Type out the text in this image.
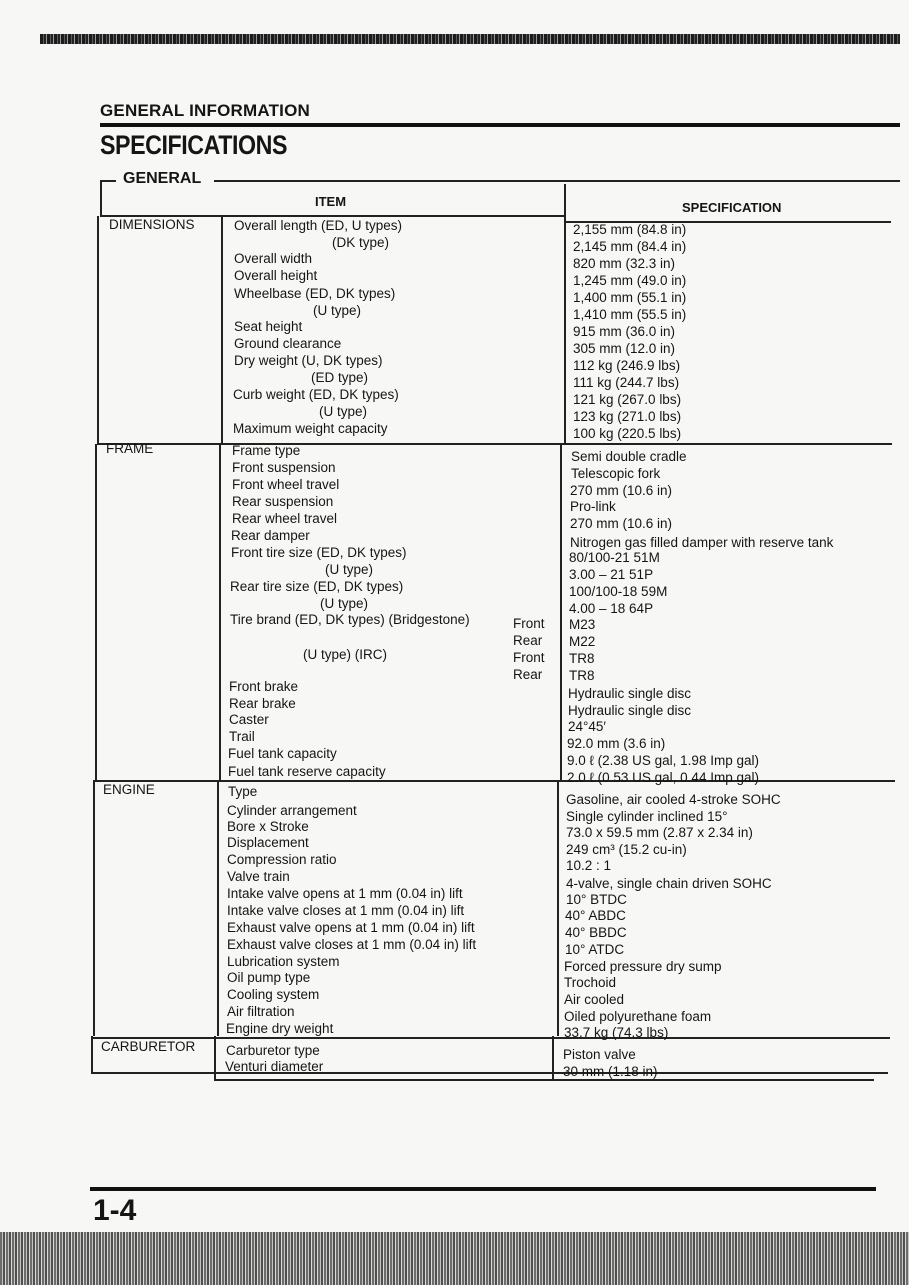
GENERAL INFORMATION
SPECIFICATIONS
GENERAL
ITEM	SPECIFICATION
DIMENSIONS
FRAME
ENGINE
CARBURETOR
Overall length (ED, U types)
(DK type)
Overall width
Overall height
Wheelbase (ED, DK types)
(U type)
Seat height
Ground clearance
Dry weight (U, DK types)
(ED type)
Curb weight (ED, DK types)
(U type)
Maximum weight capacity
2,155 mm (84.8 in)
2,145 mm (84.4 in)
820 mm (32.3 in)
1,245 mm (49.0 in)
1,400 mm (55.1 in)
1,410 mm (55.5 in)
915 mm (36.0 in)
305 mm (12.0 in)
112 kg (246.9 lbs)
111 kg (244.7 lbs)
121 kg (267.0 lbs)
123 kg (271.0 lbs)
100 kg (220.5 lbs)
Frame type
Front suspension
Front wheel travel
Rear suspension
Rear wheel travel
Rear damper
Front tire size (ED, DK types)
(U type)
Rear tire size (ED, DK types)
(U type)
Tire brand (ED, DK types) (Bridgestone)
(U type) (IRC)
Front
Rear
Front
Rear
Front brake
Rear brake
Caster
Trail
Fuel tank capacity
Fuel tank reserve capacity
Semi double cradle
Telescopic fork
270 mm (10.6 in)
Pro-link
270 mm (10.6 in)
Nitrogen gas filled damper with reserve tank
80/100-21 51M
3.00 – 21 51P
100/100-18 59M
4.00 – 18 64P
M23
M22
TR8
TR8
Hydraulic single disc
Hydraulic single disc
24°45′
92.0 mm (3.6 in)
9.0 ℓ (2.38 US gal, 1.98 Imp gal)
2.0 ℓ (0.53 US gal, 0.44 Imp gal)
Type
Cylinder arrangement
Bore x Stroke
Displacement
Compression ratio
Valve train
Intake valve opens at 1 mm (0.04 in) lift
Intake valve closes at 1 mm (0.04 in) lift
Exhaust valve opens at 1 mm (0.04 in) lift
Exhaust valve closes at 1 mm (0.04 in) lift
Lubrication system
Oil pump type
Cooling system
Air filtration
Engine dry weight
Gasoline, air cooled 4-stroke SOHC
Single cylinder inclined 15°
73.0 x 59.5 mm (2.87 x 2.34 in)
249 cm³ (15.2 cu-in)
10.2 : 1
4-valve, single chain driven SOHC
10° BTDC
40° ABDC
40° BBDC
10° ATDC
Forced pressure dry sump
Trochoid
Air cooled
Oiled polyurethane foam
33.7 kg (74.3 lbs)
Carburetor type
Venturi diameter
Piston valve
30 mm (1.18 in)
1-4
